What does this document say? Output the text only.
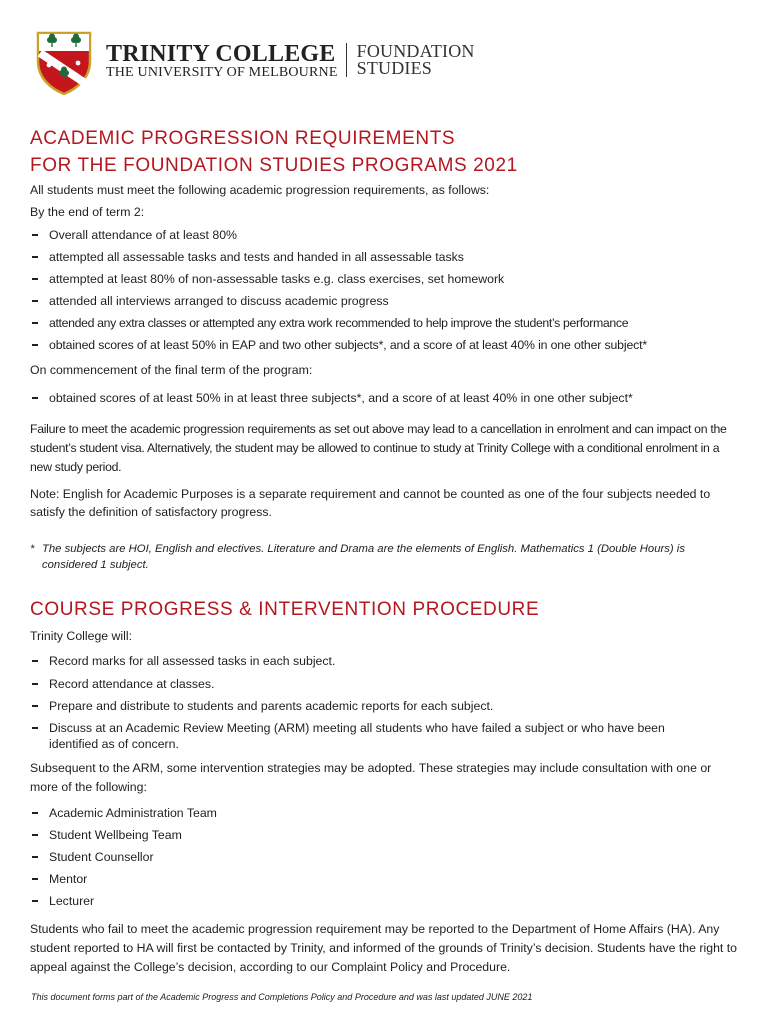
TRINITY COLLEGE
THE UNIVERSITY OF MELBOURNE
FOUNDATION
STUDIES
ACADEMIC PROGRESSION REQUIREMENTS
FOR THE FOUNDATION STUDIES PROGRAMS 2021

All students must meet the following academic progression requirements, as follows:

By the end of term 2:

Overall attendance of at least 80%
attempted all assessable tasks and tests and handed in all assessable tasks
attempted at least 80% of non-assessable tasks e.g. class exercises, set homework
attended all interviews arranged to discuss academic progress
attended any extra classes or attempted any extra work recommended to help improve the student’s performance
obtained scores of at least 50% in EAP and two other subjects*, and a score of at least 40% in one other subject*

On commencement of the final term of the program:

obtained scores of at least 50% in at least three subjects*, and a score of at least 40% in one other subject*

Failure to meet the academic progression requirements as set out above may lead to a cancellation in enrolment and can impact on the student’s student visa. Alternatively, the student may be allowed to continue to study at Trinity College with a conditional enrolment in a new study period.

Note: English for Academic Purposes is a separate requirement and cannot be counted as one of the four subjects needed to satisfy the definition of satisfactory progress.

* The subjects are HOI, English and electives. Literature and Drama are the elements of English. Mathematics 1 (Double Hours) is considered 1 subject.
COURSE PROGRESS & INTERVENTION PROCEDURE

Trinity College will:

Record marks for all assessed tasks in each subject.
Record attendance at classes.
Prepare and distribute to students and parents academic reports for each subject.
Discuss at an Academic Review Meeting (ARM) meeting all students who have failed a subject or who have been identified as of concern.

Subsequent to the ARM, some intervention strategies may be adopted. These strategies may include consultation with one or more of the following:

Academic Administration Team
Student Wellbeing Team
Student Counsellor
Mentor
Lecturer

Students who fail to meet the academic progression requirement may be reported to the Department of Home Affairs (HA). Any student reported to HA will first be contacted by Trinity, and informed of the grounds of Trinity’s decision. Students have the right to appeal against the College’s decision, according to our Complaint Policy and Procedure.

This document forms part of the Academic Progress and Completions Policy and Procedure and was last updated JUNE 2021
